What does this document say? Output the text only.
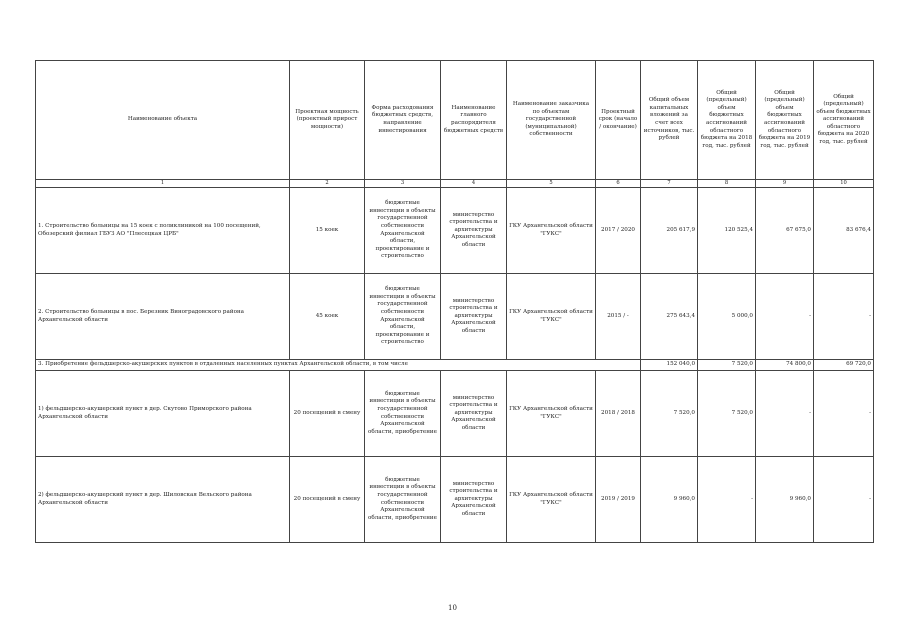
Наименование объекта	Проектная мощность (проектный прирост мощности)	Форма расходования бюджетных средств, направление инвестирования	Наименование главного распорядителя бюджетных средств	Наименование заказчика по объектам государственной (муниципальной) собственности	Проектный срок (начало / окончание)	Общий объем капитальных вложений за счет всех источников, тыс. рублей	Общий (предельный) объем бюджетных ассигнований областного бюджета на 2018 год, тыс. рублей	Общий (предельный) объем бюджетных ассигнований областного бюджета на 2019 год, тыс. рублей	Общий (предельный) объем бюджетных ассигнований областного бюджета на 2020 год, тыс. рублей
1	2	3	4	5	6	7	8	9	10
1. Строительство больницы на 15 коек с поликлиникой на 100 посещений, Обозерский филиал ГБУЗ АО "Плесецкая ЦРБ"	15 коек	бюджетные инвестиции в объекты государственной собственности Архангельской области, проектирование и строительство	министерство строительства и архитектуры Архангельской области	ГКУ Архангельской области "ГУКС"	2017 / 2020	205 617,9	120 525,4	67 675,0	83 676,4
2. Строительство больницы в пос. Березник Виноградовского района Архангельской области	45 коек	бюджетные инвестиции в объекты государственной собственности Архангельской области, проектирование и строительство	министерство строительства и архитектуры Архангельской области	ГКУ Архангельской области "ГУКС"	2015 / -	275 643,4	5 000,0	-	-
3. Приобретение фельдшерско-акушерских пунктов в отдаленных населенных пунктах Архангельской области, в том числе						152 040,0	7 520,0	74 800,0	69 720,0
1) фельдшерско-акушерский пункт в дер. Скутово Приморского района Архангельской области	20 посещений в смену	бюджетные инвестиции в объекты государственной собственности Архангельской области, приобретение	министерство строительства и архитектуры Архангельской области	ГКУ Архангельской области "ГУКС"	2018 / 2018	7 520,0	7 520,0	-	-
2) фельдшерско-акушерский пункт в дер. Шиловская Вельского района Архангельской области	20 посещений в смену	бюджетные инвестиции в объекты государственной собственности Архангельской области, приобретение	министерство строительства и архитектуры Архангельской области	ГКУ Архангельской области "ГУКС"	2019 / 2019	9 960,0	-	9 960,0	-
10
